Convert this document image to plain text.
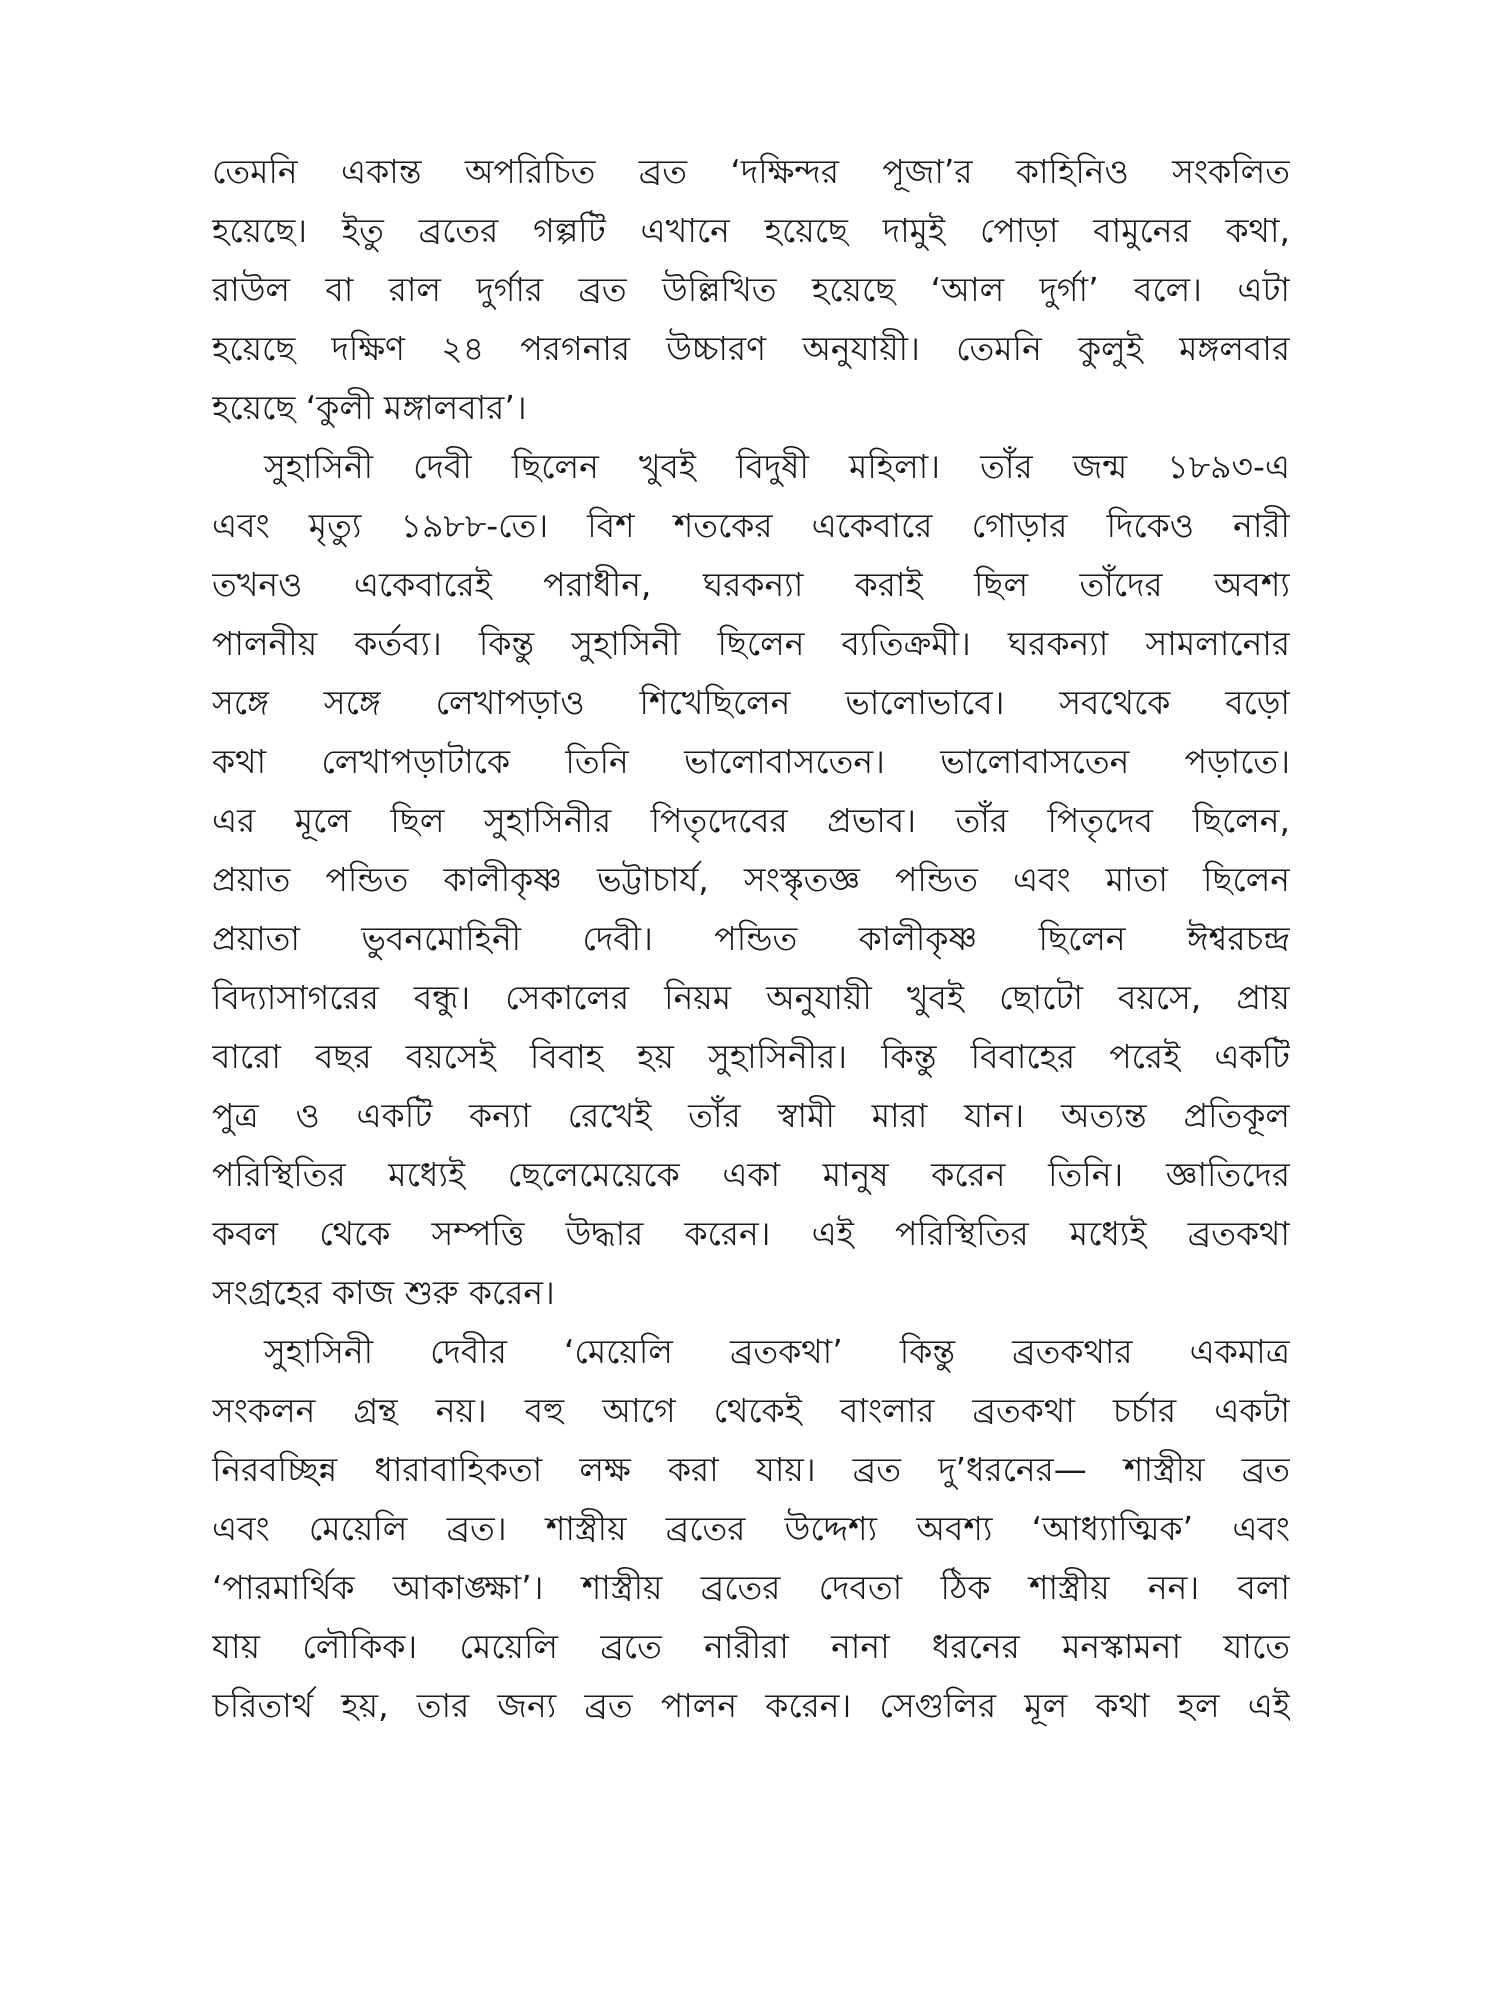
তেমনি একান্ত অপরিচিত ব্রত ‘দক্ষিন্দর পূজা’র কাহিনিও সংকলিত
হয়েছে। ইতু ব্রতের গল্পটি এখানে হয়েছে দামুই পোড়া বামুনের কথা,
রাউল বা রাল দুর্গার ব্রত উল্লিখিত হয়েছে ‘আল দুর্গা’ বলে। এটা
হয়েছে দক্ষিণ ২৪ পরগনার উচ্চারণ অনুযায়ী। তেমনি কুলুই মঙ্গলবার
হয়েছে ‘কুলী মঙ্গালবার’।
সুহাসিনী দেবী ছিলেন খুবই বিদুষী মহিলা। তাঁর জন্ম ১৮৯৩-এ
এবং মৃত্যু ১৯৮৮-তে। বিশ শতকের একেবারে গোড়ার দিকেও নারী
তখনও একেবারেই পরাধীন, ঘরকন্যা করাই ছিল তাঁদের অবশ্য
পালনীয় কর্তব্য। কিন্তু সুহাসিনী ছিলেন ব্যতিক্রমী। ঘরকন্যা সামলানোর
সঙ্গে সঙ্গে লেখাপড়াও শিখেছিলেন ভালোভাবে। সবথেকে বড়ো
কথা লেখাপড়াটাকে তিনি ভালোবাসতেন। ভালোবাসতেন পড়াতে।
এর মূলে ছিল সুহাসিনীর পিতৃদেবের প্রভাব। তাঁর পিতৃদেব ছিলেন,
প্রয়াত পন্ডিত কালীকৃষ্ণ ভট্টাচার্য, সংস্কৃতজ্ঞ পন্ডিত এবং মাতা ছিলেন
প্রয়াতা ভুবনমোহিনী দেবী। পন্ডিত কালীকৃষ্ণ ছিলেন ঈশ্বরচন্দ্র
বিদ্যাসাগরের বন্ধু। সেকালের নিয়ম অনুযায়ী খুবই ছোটো বয়সে, প্রায়
বারো বছর বয়সেই বিবাহ হয় সুহাসিনীর। কিন্তু বিবাহের পরেই একটি
পুত্র ও একটি কন্যা রেখেই তাঁর স্বামী মারা যান। অত্যন্ত প্রতিকূল
পরিস্থিতির মধ্যেই ছেলেমেয়েকে একা মানুষ করেন তিনি। জ্ঞাতিদের
কবল থেকে সম্পত্তি উদ্ধার করেন। এই পরিস্থিতির মধ্যেই ব্রতকথা
সংগ্রহের কাজ শুরু করেন।
সুহাসিনী দেবীর ‘মেয়েলি ব্রতকথা’ কিন্তু ব্রতকথার একমাত্র
সংকলন গ্রন্থ নয়। বহু আগে থেকেই বাংলার ব্রতকথা চর্চার একটা
নিরবচ্ছিন্ন ধারাবাহিকতা লক্ষ করা যায়। ব্রত দু’ধরনের— শাস্ত্রীয় ব্রত
এবং মেয়েলি ব্রত। শাস্ত্রীয় ব্রতের উদ্দেশ্য অবশ্য ‘আধ্যাত্মিক’ এবং
‘পারমার্থিক আকাঙ্ক্ষা’। শাস্ত্রীয় ব্রতের দেবতা ঠিক শাস্ত্রীয় নন। বলা
যায় লৌকিক। মেয়েলি ব্রতে নারীরা নানা ধরনের মনস্কামনা যাতে
চরিতার্থ হয়, তার জন্য ব্রত পালন করেন। সেগুলির মূল কথা হল এই
